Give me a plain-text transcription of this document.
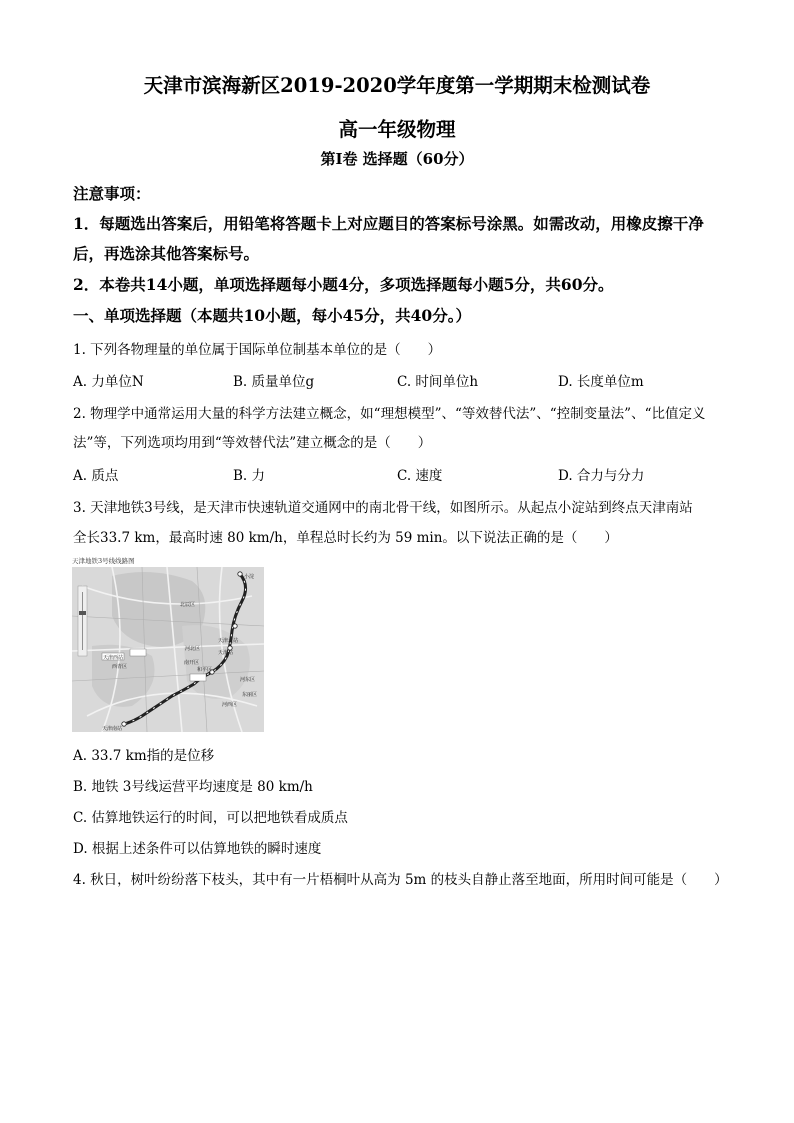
天津市滨海新区2019-2020学年度第一学期期末检测试卷
高一年级物理
第Ⅰ卷 选择题（60分）

注意事项：

1．每题选出答案后，用铅笔将答题卡上对应题目的答案标号涂黑。如需改动，用橡皮擦干净

后，再选涂其他答案标号。

2．本卷共14小题，单项选择题每小题4分，多项选择题每小题5分，共60分。

一、单项选择题（本题共10小题，每小45分，共40分。）

1. 下列各物理量的单位属于国际单位制基本单位的是（　　）

A. 力单位N	B. 质量单位g	C. 时间单位h	D. 长度单位m

2. 物理学中通常运用大量的科学方法建立概念，如“理想模型”、“等效替代法”、“控制变量法”、“比值定义

法”等，下列选项均用到“等效替代法”建立概念的是（　　）

A. 质点	B. 力	C. 速度	D. 合力与分力

3. 天津地铁3号线，是天津市快速轨道交通网中的南北骨干线，如图所示。从起点小淀站到终点天津南站

全长33.7 km，最高时速 80 km/h，单程总时长约为 59 min。以下说法正确的是（　　）

天津地铁3号线线路图
北辰区
天津北站
天津站
河北区
天津西站
南开区
和平区
河东区
西青区
东丽区
河西区
天津南站
小淀

A. 33.7 km指的是位移

B. 地铁 3号线运营平均速度是 80 km/h

C. 估算地铁运行的时间，可以把地铁看成质点

D. 根据上述条件可以估算地铁的瞬时速度

4. 秋日，树叶纷纷落下枝头，其中有一片梧桐叶从高为 5m 的枝头自静止落至地面，所用时间可能是（　　）
